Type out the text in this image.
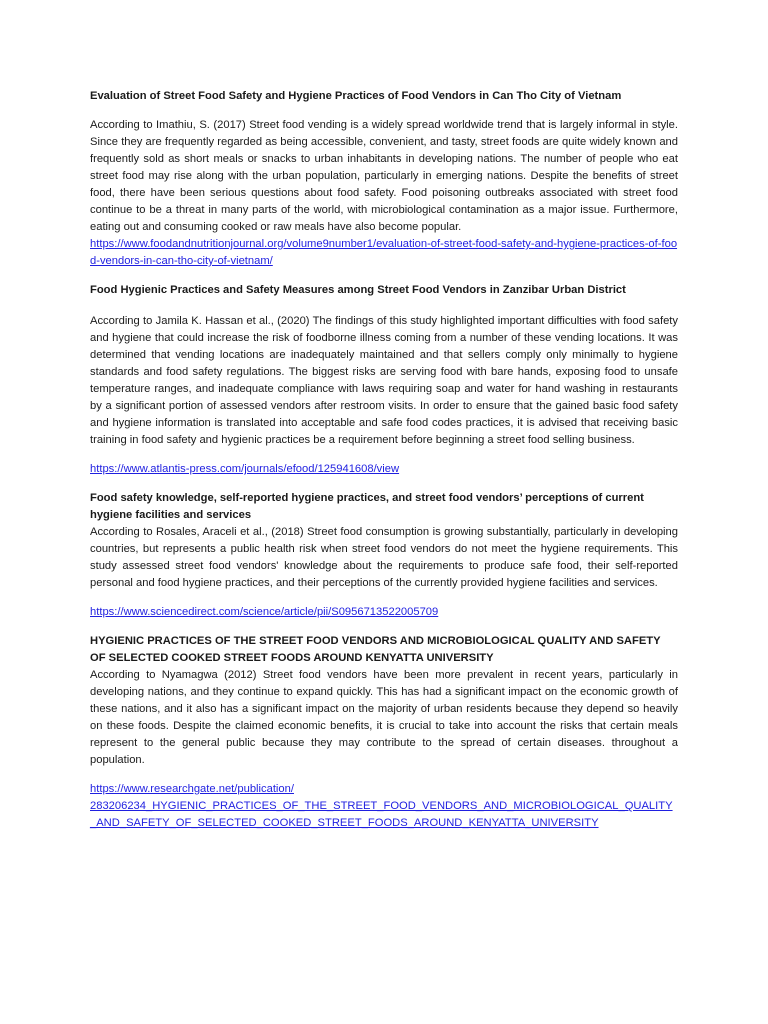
Evaluation of Street Food Safety and Hygiene Practices of Food Vendors in Can Tho City of Vietnam

According to Imathiu, S. (2017) Street food vending is a widely spread worldwide trend that is largely informal in style. Since they are frequently regarded as being accessible, convenient, and tasty, street foods are quite widely known and frequently sold as short meals or snacks to urban inhabitants in developing nations. The number of people who eat street food may rise along with the urban population, particularly in emerging nations. Despite the benefits of street food, there have been serious questions about food safety. Food poisoning outbreaks associated with street food continue to be a threat in many parts of the world, with microbiological contamination as a major issue. Furthermore, eating out and consuming cooked or raw meals have also become popular.

https://www.foodandnutritionjournal.org/volume9number1/evaluation-of-street-food-safety-and-hygiene-practices-of-food-vendors-in-can-tho-city-of-vietnam/

Food Hygienic Practices and Safety Measures among Street Food Vendors in Zanzibar Urban District

According to Jamila K. Hassan et al., (2020) The findings of this study highlighted important difficulties with food safety and hygiene that could increase the risk of foodborne illness coming from a number of these vending locations. It was determined that vending locations are inadequately maintained and that sellers comply only minimally to hygiene standards and food safety regulations. The biggest risks are serving food with bare hands, exposing food to unsafe temperature ranges, and inadequate compliance with laws requiring soap and water for hand washing in restaurants by a significant portion of assessed vendors after restroom visits. In order to ensure that the gained basic food safety and hygiene information is translated into acceptable and safe food codes practices, it is advised that receiving basic training in food safety and hygienic practices be a requirement before beginning a street food selling business.

https://www.atlantis-press.com/journals/efood/125941608/view

Food safety knowledge, self-reported hygiene practices, and street food vendors’ perceptions of current hygiene facilities and services

According to Rosales, Araceli et al., (2018) Street food consumption is growing substantially, particularly in developing countries, but represents a public health risk when street food vendors do not meet the hygiene requirements. This study assessed street food vendors' knowledge about the requirements to produce safe food, their self-reported personal and food hygiene practices, and their perceptions of the currently provided hygiene facilities and services.

https://www.sciencedirect.com/science/article/pii/S0956713522005709

HYGIENIC PRACTICES OF THE STREET FOOD VENDORS AND MICROBIOLOGICAL QUALITY AND SAFETY OF SELECTED COOKED STREET FOODS AROUND KENYATTA UNIVERSITY

According to Nyamagwa (2012) Street food vendors have been more prevalent in recent years, particularly in developing nations, and they continue to expand quickly. This has had a significant impact on the economic growth of these nations, and it also has a significant impact on the majority of urban residents because they depend so heavily on these foods. Despite the claimed economic benefits, it is crucial to take into account the risks that certain meals represent to the general public because they may contribute to the spread of certain diseases. throughout a population.

https://www.researchgate.net/publication/
283206234_HYGIENIC_PRACTICES_OF_THE_STREET_FOOD_VENDORS_AND_MICROBIOLOGICAL_QUALITY_AND_SAFETY_OF_SELECTED_COOKED_STREET_FOODS_AROUND_KENYATTA_UNIVERSITY
